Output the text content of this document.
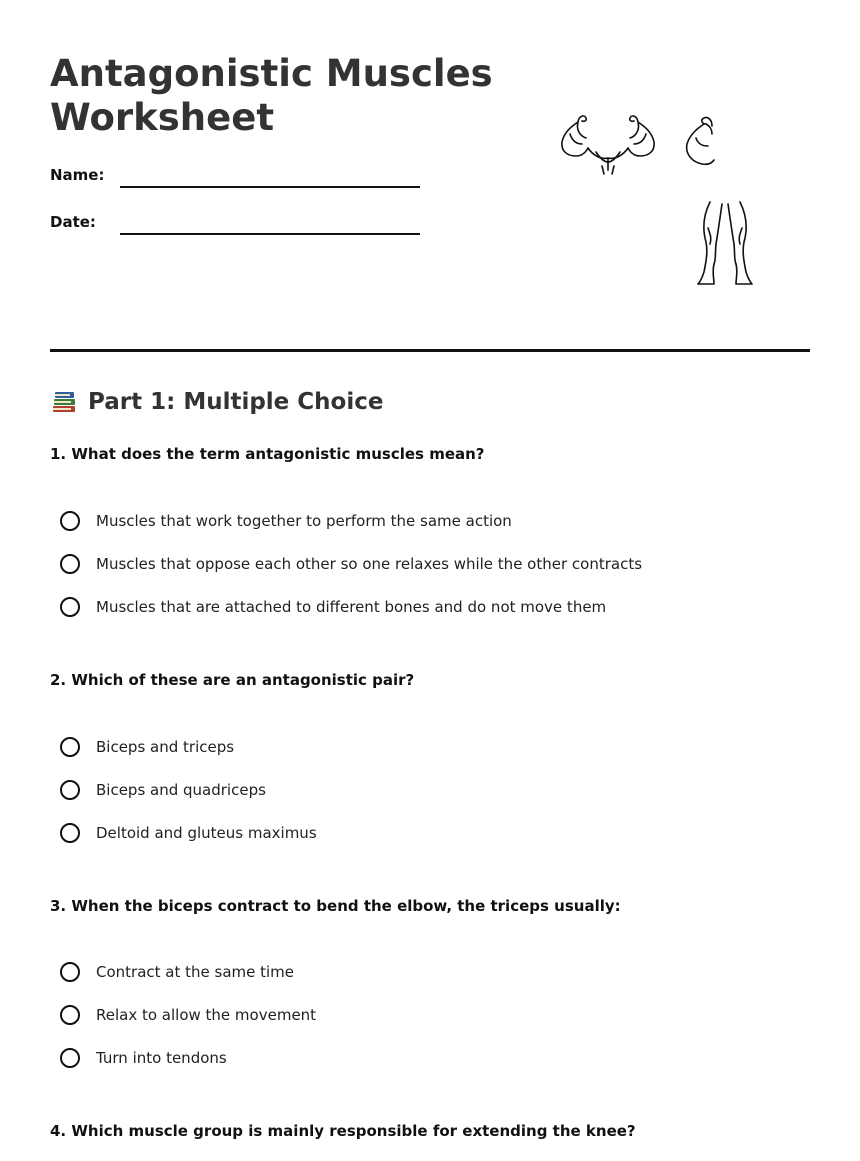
Antagonistic Muscles
Worksheet
Name:
Date:
Part 1: Multiple Choice

1. What does the term antagonistic muscles mean?

Muscles that work together to perform the same action
Muscles that oppose each other so one relaxes while the other contracts
Muscles that are attached to different bones and do not move them

2. Which of these are an antagonistic pair?

Biceps and triceps
Biceps and quadriceps
Deltoid and gluteus maximus

3. When the biceps contract to bend the elbow, the triceps usually:

Contract at the same time
Relax to allow the movement
Turn into tendons

4. Which muscle group is mainly responsible for extending the knee?
